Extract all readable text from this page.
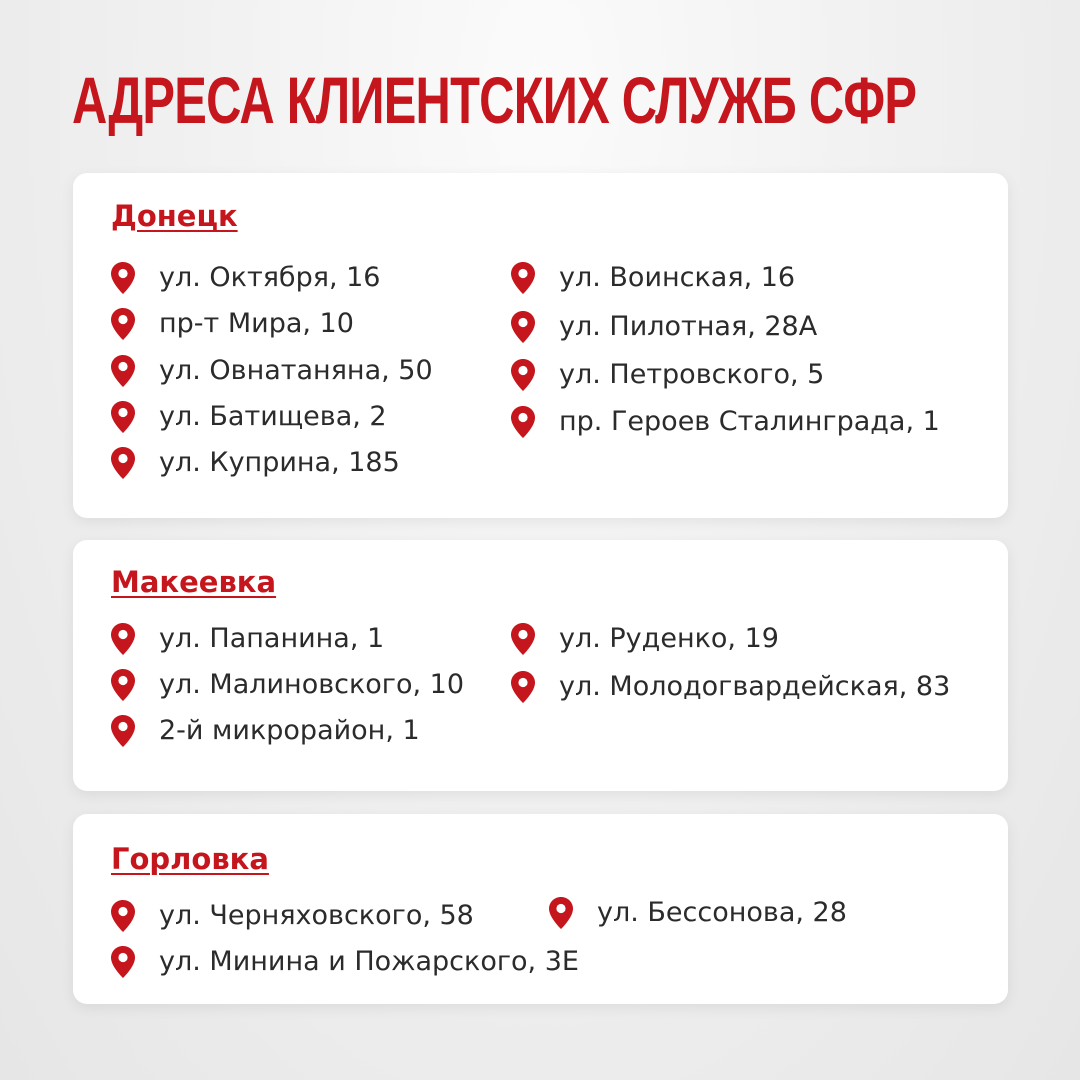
АДРЕСА КЛИЕНТСКИХ СЛУЖБ СФР
Донецк
ул. Октября, 16
пр-т Мира, 10
ул. Овнатаняна, 50
ул. Батищева, 2
ул. Куприна, 185
ул. Воинская, 16
ул. Пилотная, 28А
ул. Петровского, 5
пр. Героев Сталинграда, 1
Макеевка
ул. Папанина, 1
ул. Малиновского, 10
2-й микрорайон, 1
ул. Руденко, 19
ул. Молодогвардейская, 83
Горловка
ул. Черняховского, 58
ул. Минина и Пожарского, 3Е
ул. Бессонова, 28
